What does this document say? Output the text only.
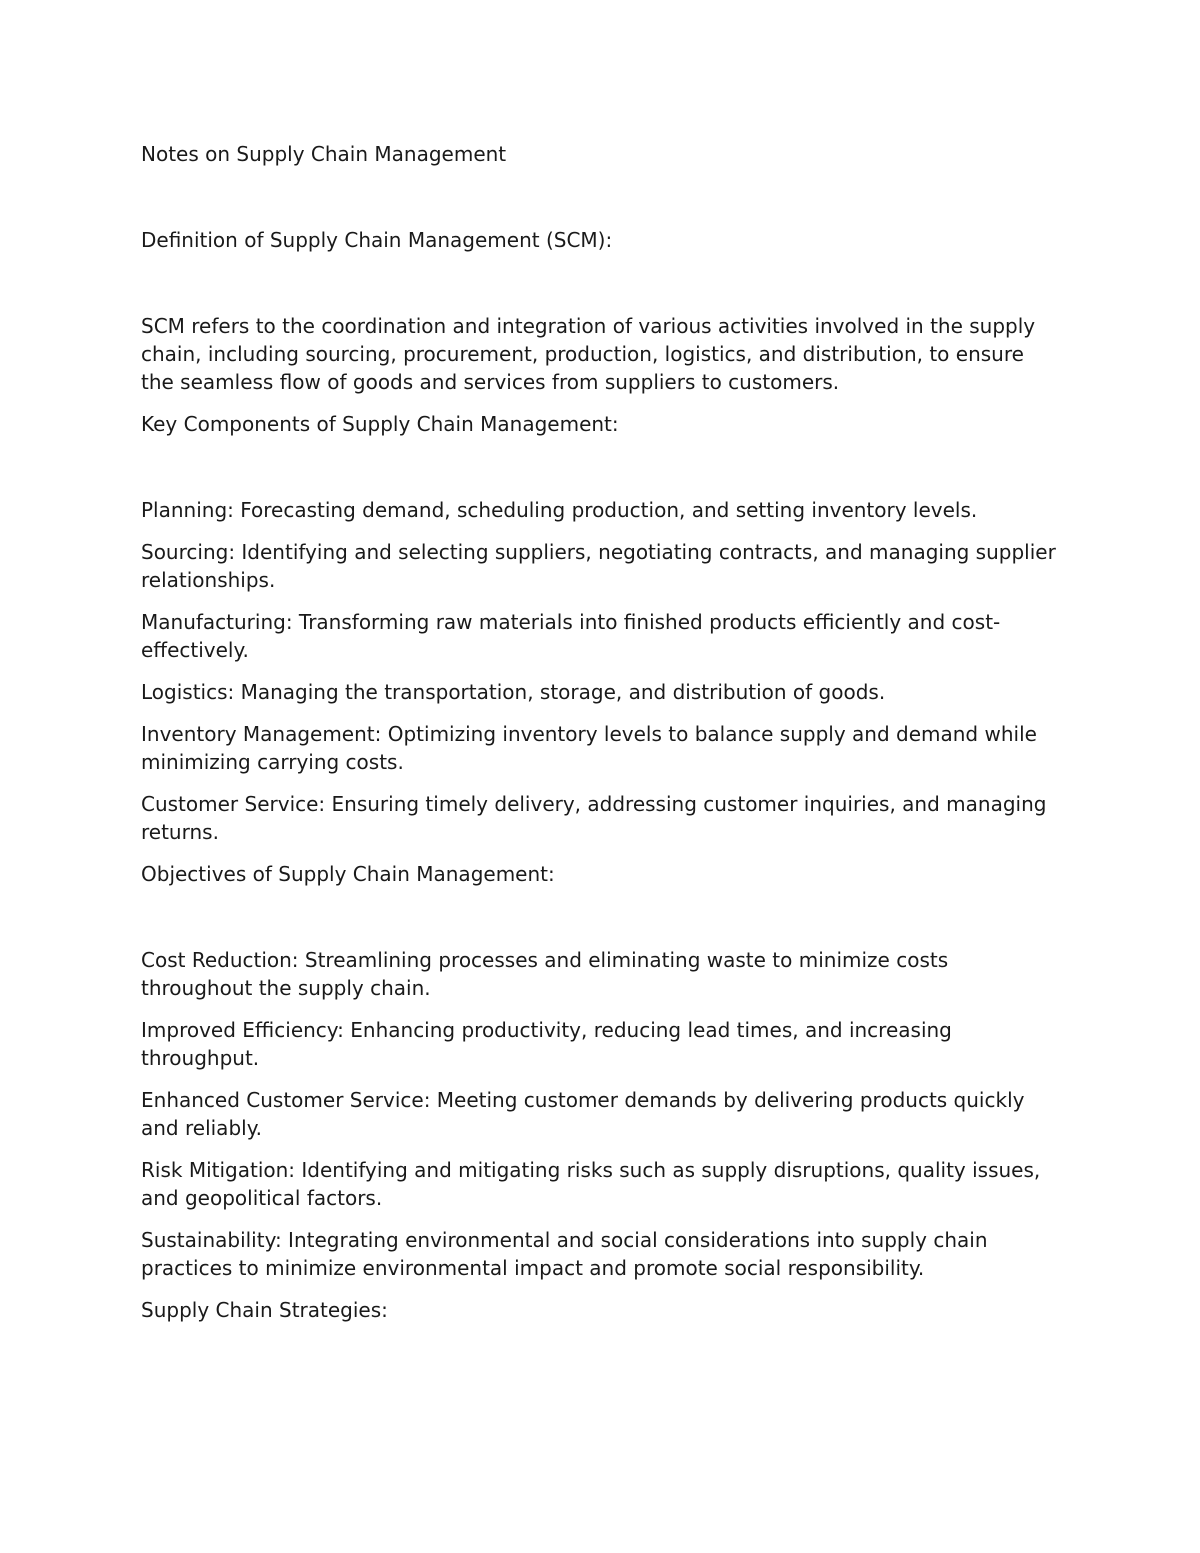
Notes on Supply Chain Management

Definition of Supply Chain Management (SCM):

SCM refers to the coordination and integration of various activities involved in the supply chain, including sourcing, procurement, production, logistics, and distribution, to ensure the seamless flow of goods and services from suppliers to customers.

Key Components of Supply Chain Management:

Planning: Forecasting demand, scheduling production, and setting inventory levels.

Sourcing: Identifying and selecting suppliers, negotiating contracts, and managing supplier relationships.

Manufacturing: Transforming raw materials into finished products efficiently and cost-effectively.

Logistics: Managing the transportation, storage, and distribution of goods.

Inventory Management: Optimizing inventory levels to balance supply and demand while minimizing carrying costs.

Customer Service: Ensuring timely delivery, addressing customer inquiries, and managing returns.

Objectives of Supply Chain Management:

Cost Reduction: Streamlining processes and eliminating waste to minimize costs throughout the supply chain.

Improved Efficiency: Enhancing productivity, reducing lead times, and increasing throughput.

Enhanced Customer Service: Meeting customer demands by delivering products quickly and reliably.

Risk Mitigation: Identifying and mitigating risks such as supply disruptions, quality issues, and geopolitical factors.

Sustainability: Integrating environmental and social considerations into supply chain practices to minimize environmental impact and promote social responsibility.

Supply Chain Strategies:
